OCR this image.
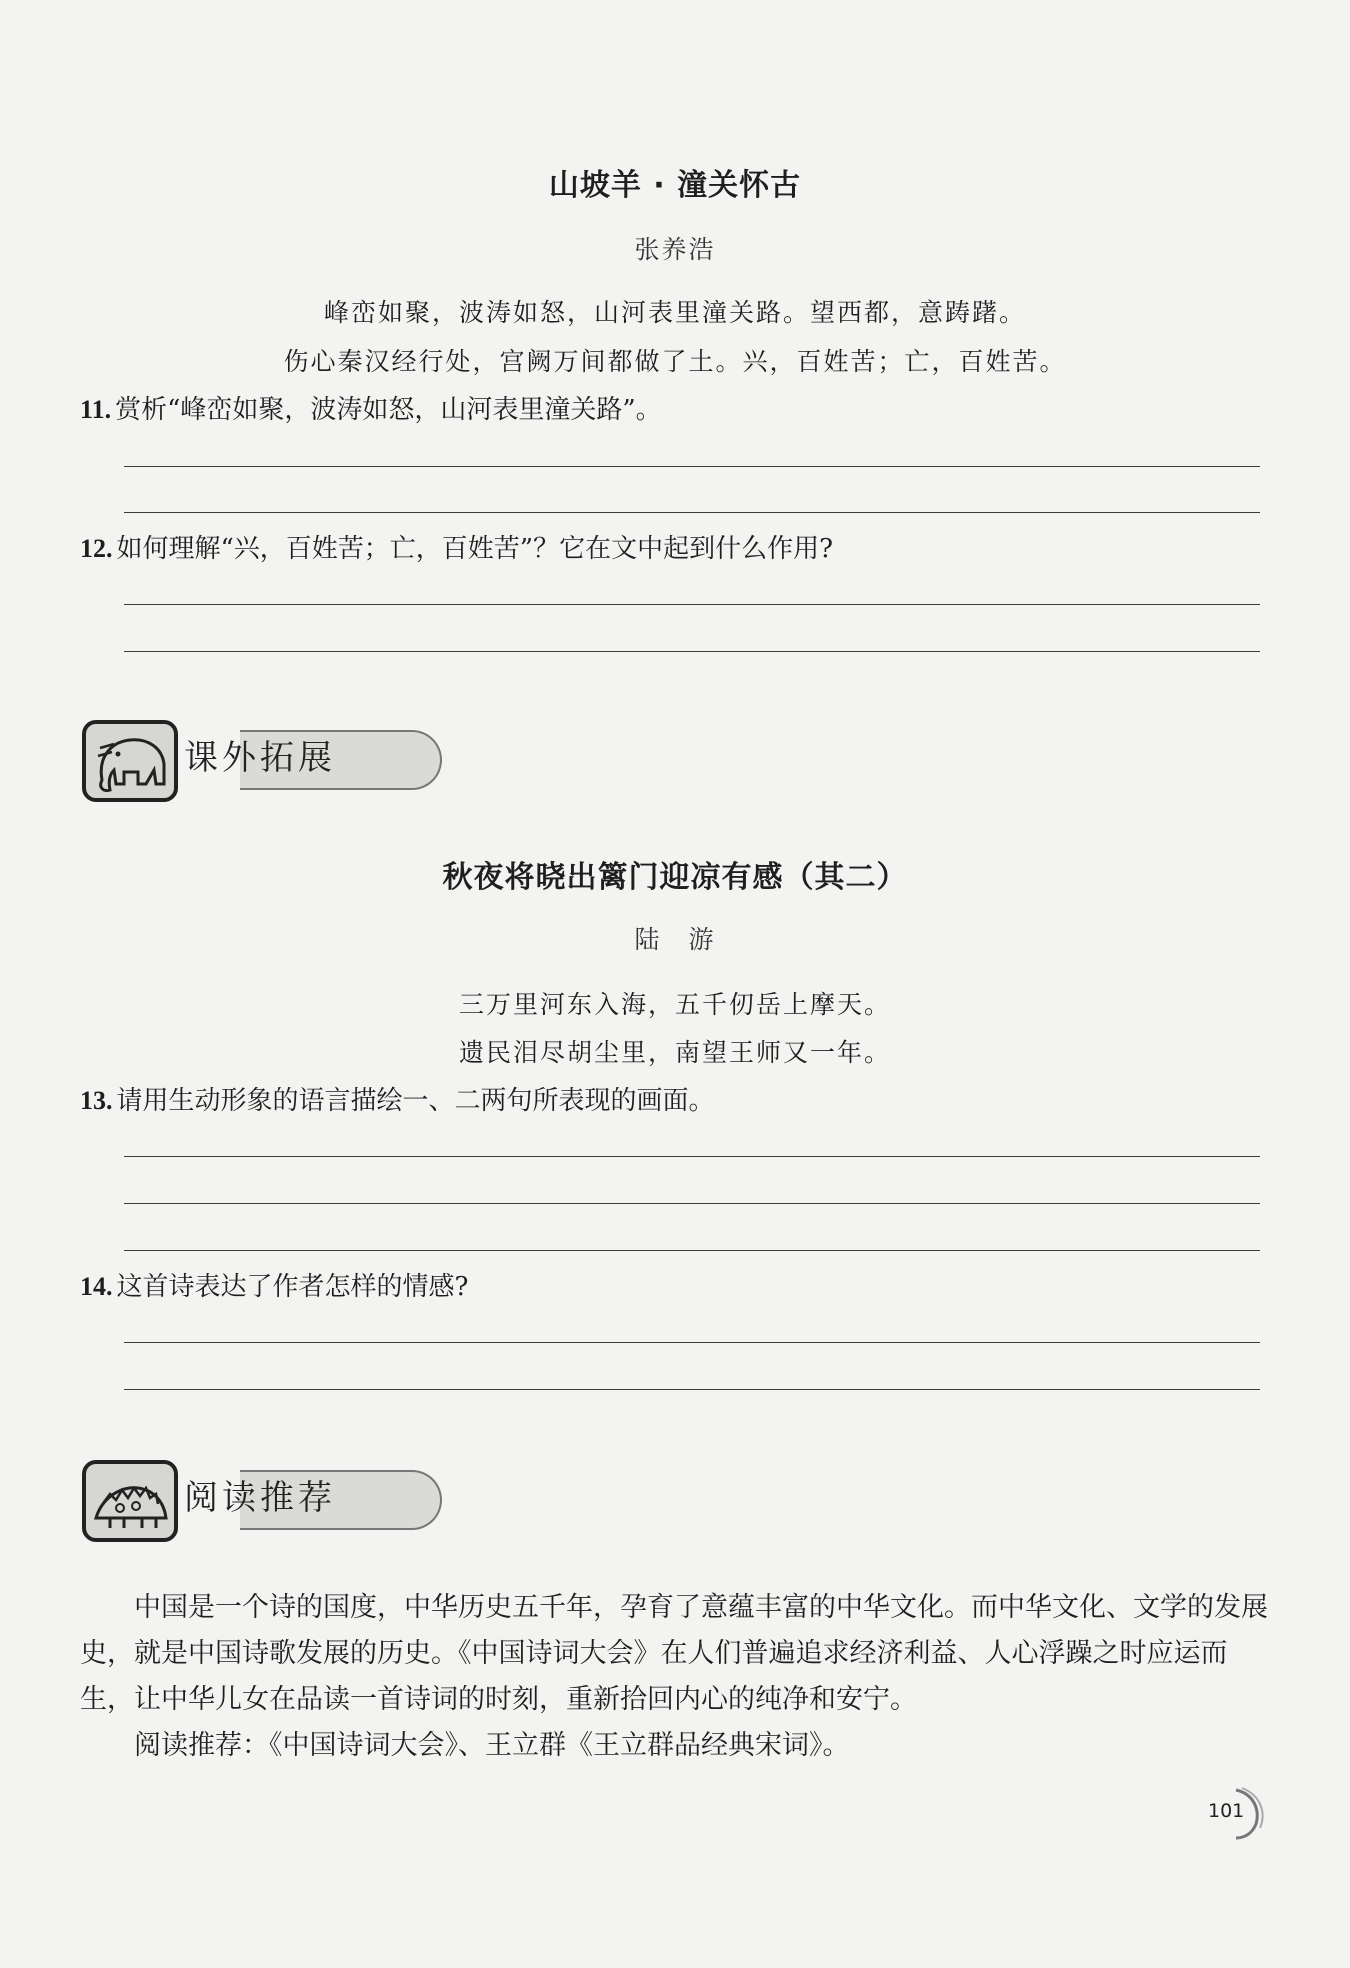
山坡羊 · 潼关怀古
张养浩
峰峦如聚，波涛如怒，山河表里潼关路。望西都，意踌躇。
伤心秦汉经行处，宫阙万间都做了土。兴，百姓苦；亡，百姓苦。
11. 赏析“峰峦如聚，波涛如怒，山河表里潼关路”。
12. 如何理解“兴，百姓苦；亡，百姓苦”？它在文中起到什么作用?
课外拓展
秋夜将晓出篱门迎凉有感（其二）
陆　游
三万里河东入海，五千仞岳上摩天。
遗民泪尽胡尘里，南望王师又一年。
13. 请用生动形象的语言描绘一、二两句所表现的画面。
14. 这首诗表达了作者怎样的情感?
阅读推荐
中国是一个诗的国度，中华历史五千年，孕育了意蕴丰富的中华文化。而中华文化、文学的发展史，就是中国诗歌发展的历史。《中国诗词大会》在人们普遍追求经济利益、人心浮躁之时应运而生，让中华儿女在品读一首诗词的时刻，重新拾回内心的纯净和安宁。
阅读推荐：《中国诗词大会》、王立群《王立群品经典宋词》。
101
